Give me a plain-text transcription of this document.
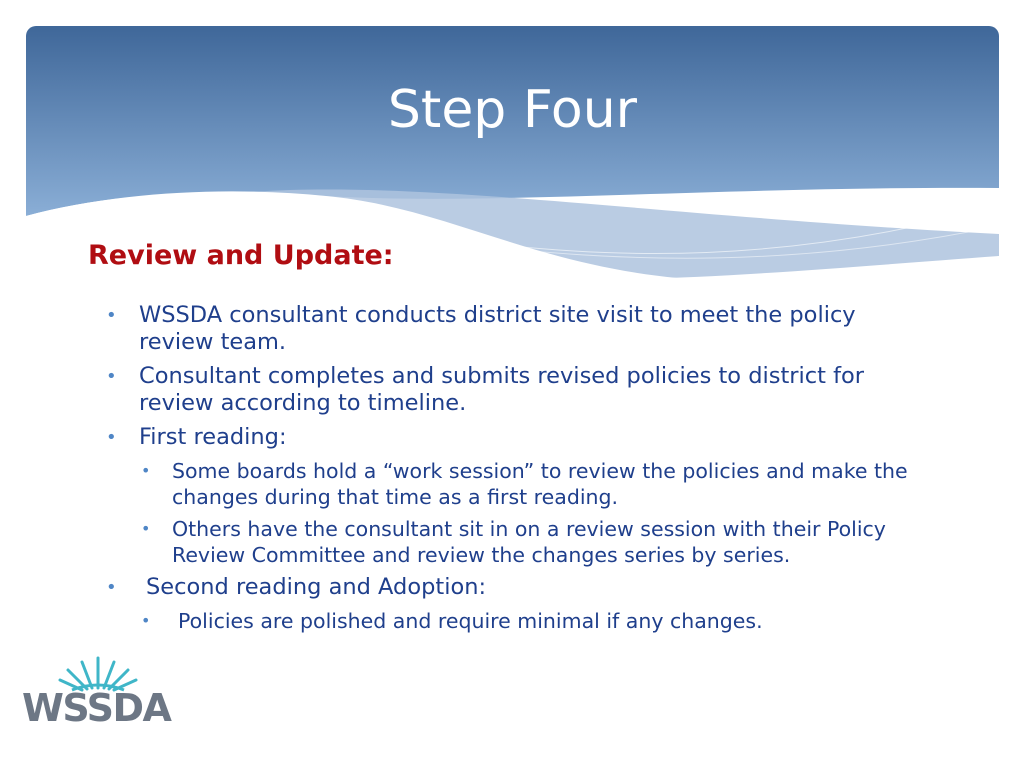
Step Four
Review and Update:
• WSSDA consultant conducts district site visit to meet the policy review team.
• Consultant completes and submits revised policies to district for review according to timeline.
• First reading:
• Some boards hold a “work session” to review the policies and make the changes during that time as a first reading.
• Others have the consultant sit in on a review session with their Policy Review Committee and review the changes series by series.
• Second reading and Adoption:
• Policies are polished and require minimal if any changes.
WSSDA
